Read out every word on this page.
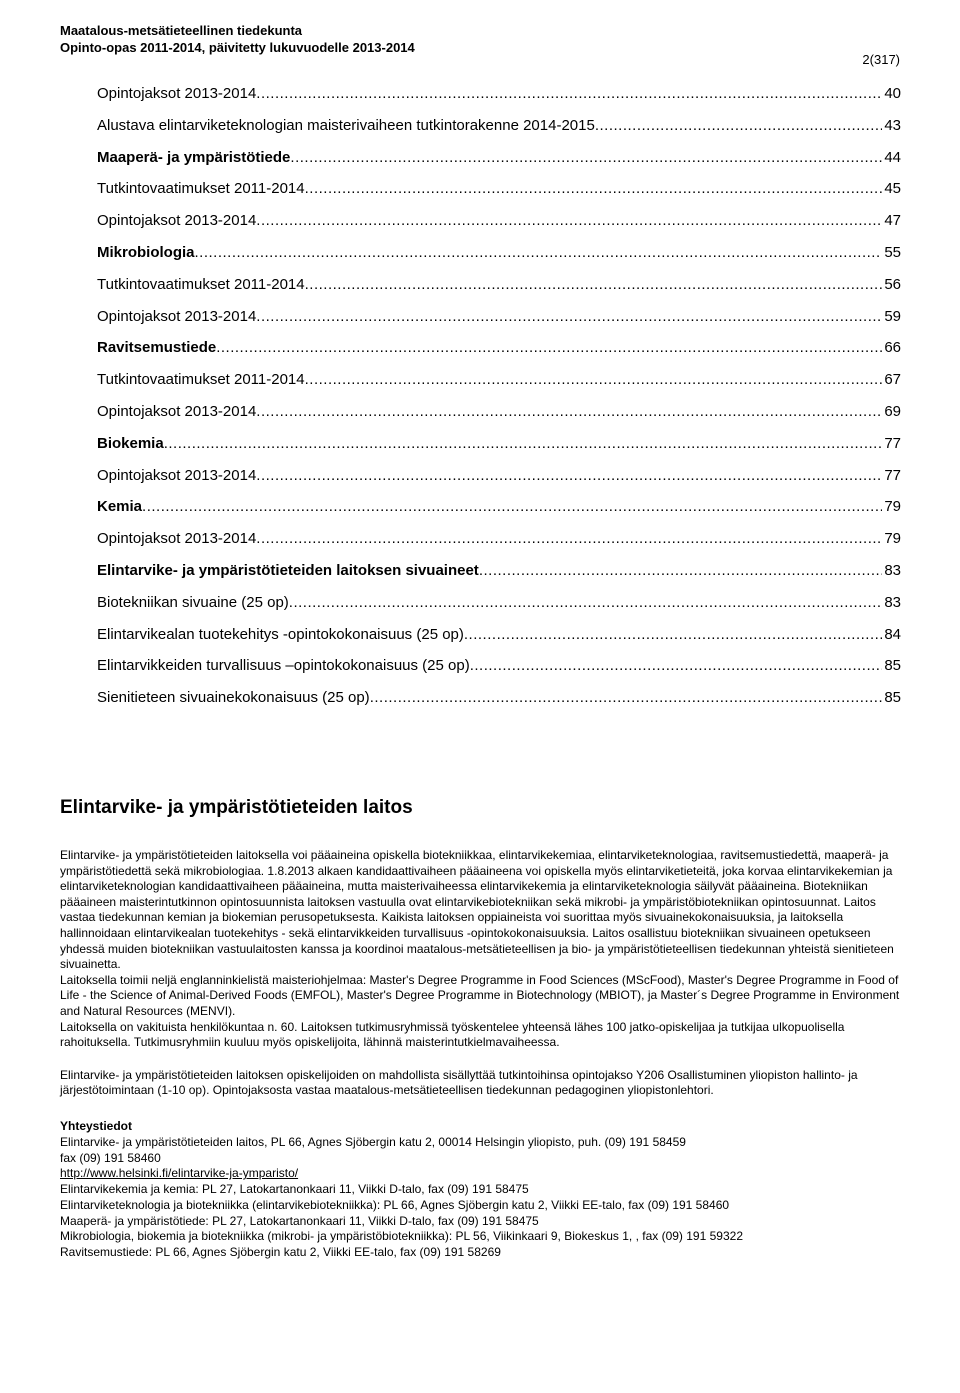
Maatalous-metsätieteellinen tiedekunta
Opinto-opas 2011-2014, päivitetty lukuvuodelle 2013-2014
2(317)
Opintojaksot 2013-2014 .....	40
Alustava elintarviketeknologian maisterivaiheen tutkintorakenne 2014-2015 .....	43
Maaperä- ja ympäristötiede .....	44
Tutkintovaatimukset 2011-2014 .....	45
Opintojaksot 2013-2014 .....	47
Mikrobiologia .....	55
Tutkintovaatimukset 2011-2014 .....	56
Opintojaksot 2013-2014 .....	59
Ravitsemustiede .....	66
Tutkintovaatimukset 2011-2014 .....	67
Opintojaksot 2013-2014 .....	69
Biokemia .....	77
Opintojaksot 2013-2014 .....	77
Kemia .....	79
Opintojaksot 2013-2014 .....	79
Elintarvike- ja ympäristötieteiden laitoksen sivuaineet .....	83
Biotekniikan sivuaine (25 op) .....	83
Elintarvikealan tuotekehitys -opintokokonaisuus (25 op) .....	84
Elintarvikkeiden turvallisuus –opintokokonaisuus (25 op) .....	85
Sienitieteen sivuainekokonaisuus (25 op) .....	85
Elintarvike- ja ympäristötieteiden laitos

Elintarvike- ja ympäristötieteiden laitoksella voi pääaineina opiskella biotekniikkaa, elintarvikekemiaa, elintarviketeknologiaa, ravitsemustiedettä, maaperä- ja ympäristötiedettä sekä mikrobiologiaa. 1.8.2013 alkaen kandidaattivaiheen pääaineena voi opiskella myös elintarviketieteitä, joka korvaa elintarvikekemian ja elintarviketeknologian kandidaattivaiheen pääaineina, mutta maisterivaiheessa elintarvikekemia ja elintarviketeknologia säilyvät pääaineina. Biotekniikan pääaineen maisterintutkinnon opintosuunnista laitoksen vastuulla ovat elintarvikebiotekniikan sekä mikrobi- ja ympäristöbiotekniikan opintosuunnat. Laitos vastaa tiedekunnan kemian ja biokemian perusopetuksesta. Kaikista laitoksen oppiaineista voi suorittaa myös sivuainekokonaisuuksia, ja laitoksella hallinnoidaan elintarvikealan tuotekehitys - sekä elintarvikkeiden turvallisuus -opintokokonaisuuksia. Laitos osallistuu biotekniikan sivuaineen opetukseen yhdessä muiden biotekniikan vastuulaitosten kanssa ja koordinoi maatalous-metsätieteellisen ja bio- ja ympäristötieteellisen tiedekunnan yhteistä sienitieteen sivuainetta.

Laitoksella toimii neljä englanninkielistä maisteriohjelmaa: Master's Degree Programme in Food Sciences (MScFood), Master's Degree Programme in Food of Life - the Science of Animal-Derived Foods (EMFOL), Master's Degree Programme in Biotechnology (MBIOT), ja Master´s Degree Programme in Environment and Natural Resources (MENVI).

Laitoksella on vakituista henkilökuntaa n. 60. Laitoksen tutkimusryhmissä työskentelee yhteensä lähes 100 jatko-opiskelijaa ja tutkijaa ulkopuolisella rahoituksella. Tutkimusryhmiin kuuluu myös opiskelijoita, lähinnä maisterintutkielmavaiheessa.

Elintarvike- ja ympäristötieteiden laitoksen opiskelijoiden on mahdollista sisällyttää tutkintoihinsa opintojakso Y206 Osallistuminen yliopiston hallinto- ja järjestötoimintaan (1-10 op). Opintojaksosta vastaa maatalous-metsätieteellisen tiedekunnan pedagoginen yliopistonlehtori.

Yhteystiedot
Elintarvike- ja ympäristötieteiden laitos, PL 66, Agnes Sjöbergin katu 2, 00014 Helsingin yliopisto, puh. (09) 191 58459
fax (09) 191 58460
http://www.helsinki.fi/elintarvike-ja-ymparisto/
Elintarvikekemia ja kemia: PL 27, Latokartanonkaari 11, Viikki D-talo, fax (09) 191 58475
Elintarviketeknologia ja biotekniikka (elintarvikebiotekniikka): PL 66, Agnes Sjöbergin katu 2, Viikki EE-talo, fax (09) 191 58460
Maaperä- ja ympäristötiede: PL 27, Latokartanonkaari 11, Viikki D-talo, fax (09) 191 58475
Mikrobiologia, biokemia ja biotekniikka (mikrobi- ja ympäristöbiotekniikka): PL 56, Viikinkaari 9, Biokeskus 1, , fax (09) 191 59322
Ravitsemustiede: PL 66, Agnes Sjöbergin katu 2, Viikki EE-talo, fax (09) 191 58269
